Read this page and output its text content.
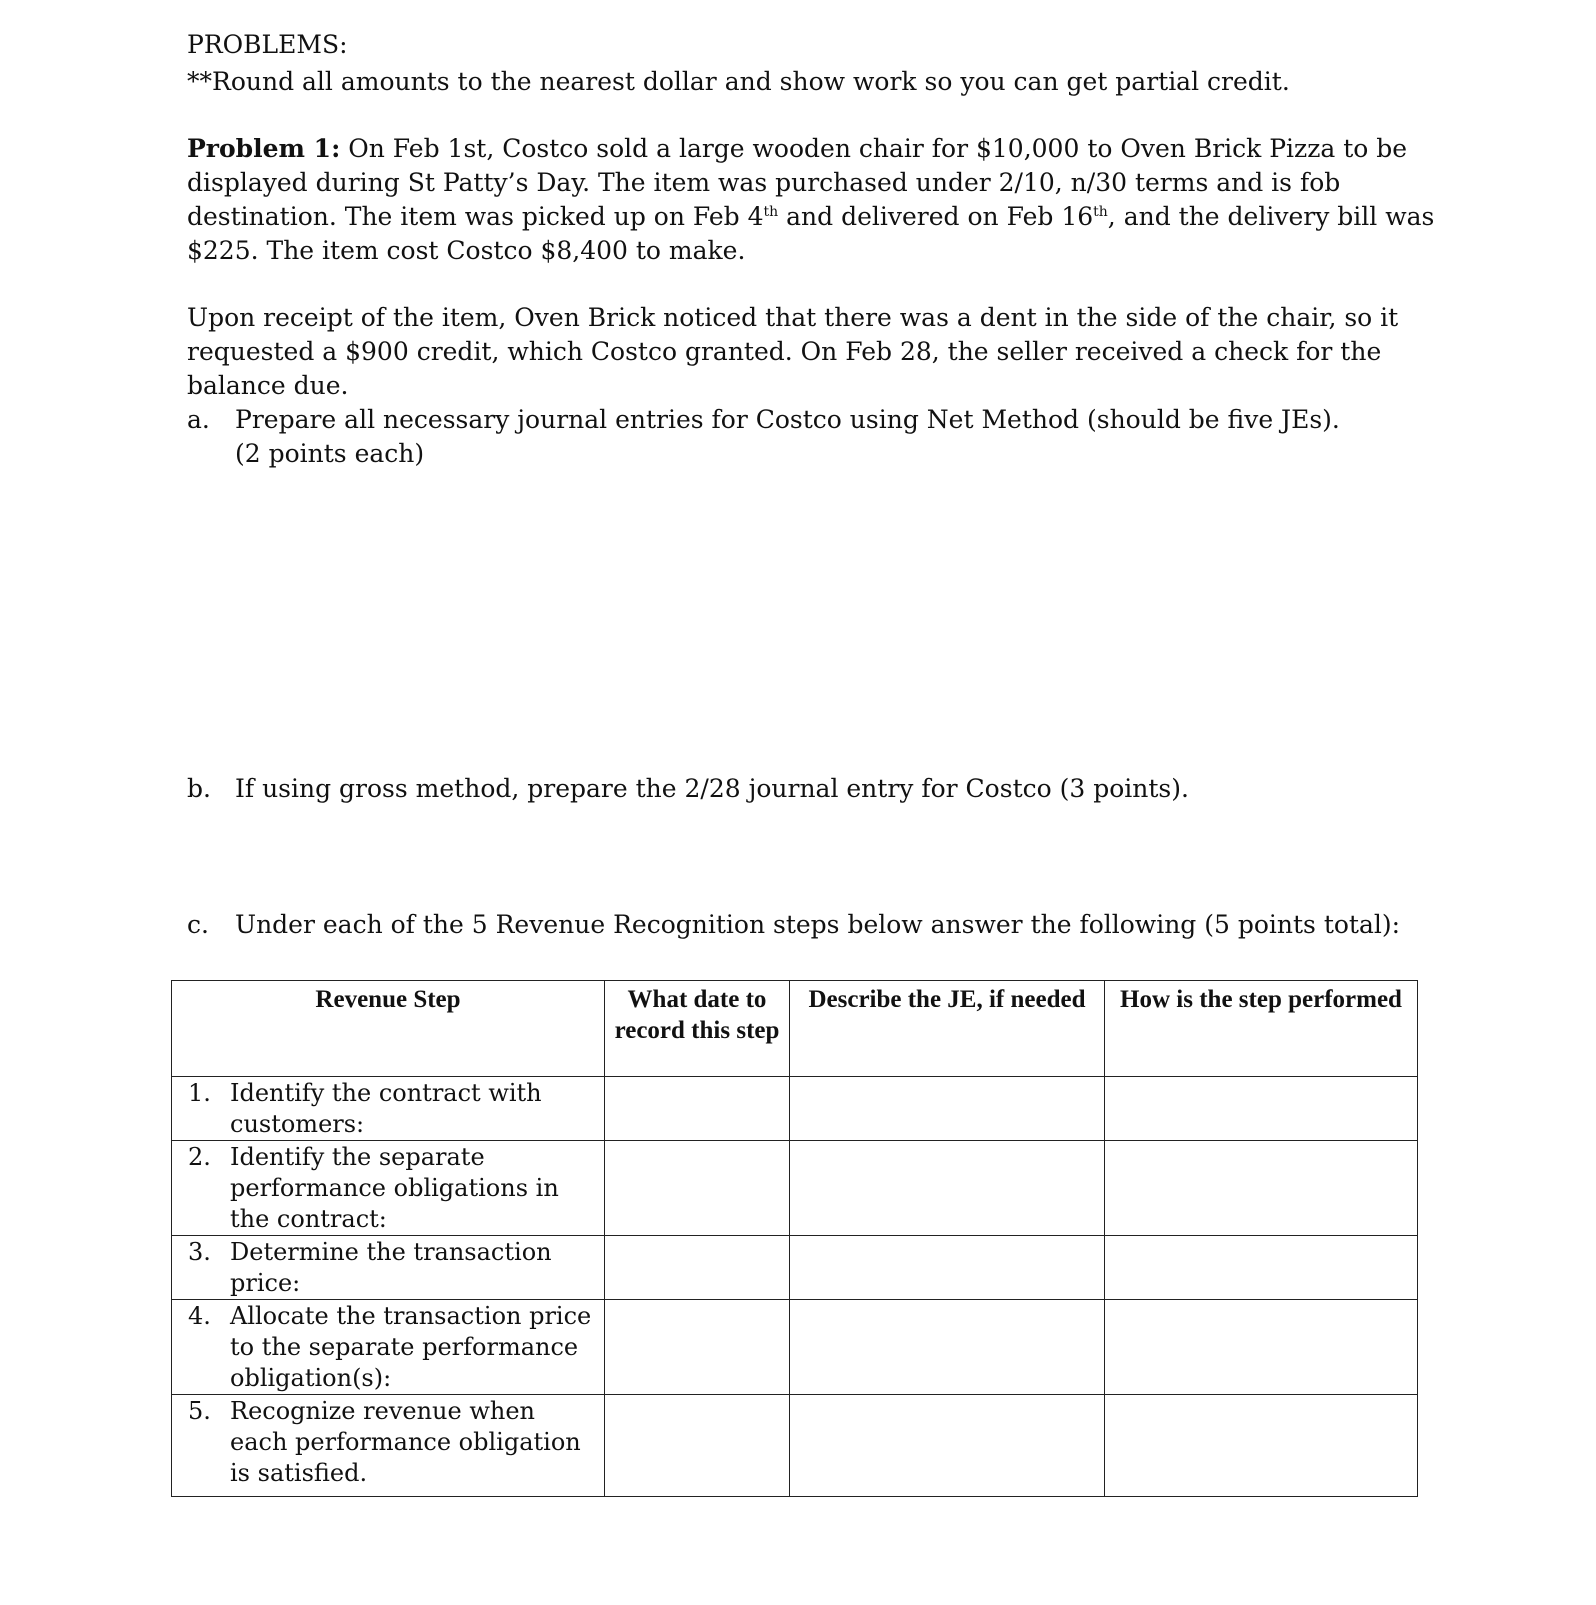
PROBLEMS:
**Round all amounts to the nearest dollar and show work so you can get partial credit.
Problem 1: On Feb 1st, Costco sold a large wooden chair for $10,000 to Oven Brick Pizza to be
displayed during St Patty’s Day. The item was purchased under 2/10, n/30 terms and is fob
destination. The item was picked up on Feb 4th and delivered on Feb 16th, and the delivery bill was
$225. The item cost Costco $8,400 to make.
Upon receipt of the item, Oven Brick noticed that there was a dent in the side of the chair, so it
requested a $900 credit, which Costco granted. On Feb 28, the seller received a check for the
balance due.
a. Prepare all necessary journal entries for Costco using Net Method (should be five JEs).
(2 points each)
b. If using gross method, prepare the 2/28 journal entry for Costco (3 points).
c. Under each of the 5 Revenue Recognition steps below answer the following (5 points total):
Revenue Step	What date to record this step	Describe the JE, if needed	How is the step performed

1. Identify the contract with customers:			

2. Identify the separate performance obligations in the contract:			

3. Determine the transaction price:			

4. Allocate the transaction price to the separate performance obligation(s):			

5. Recognize revenue when each performance obligation is satisfied.			
